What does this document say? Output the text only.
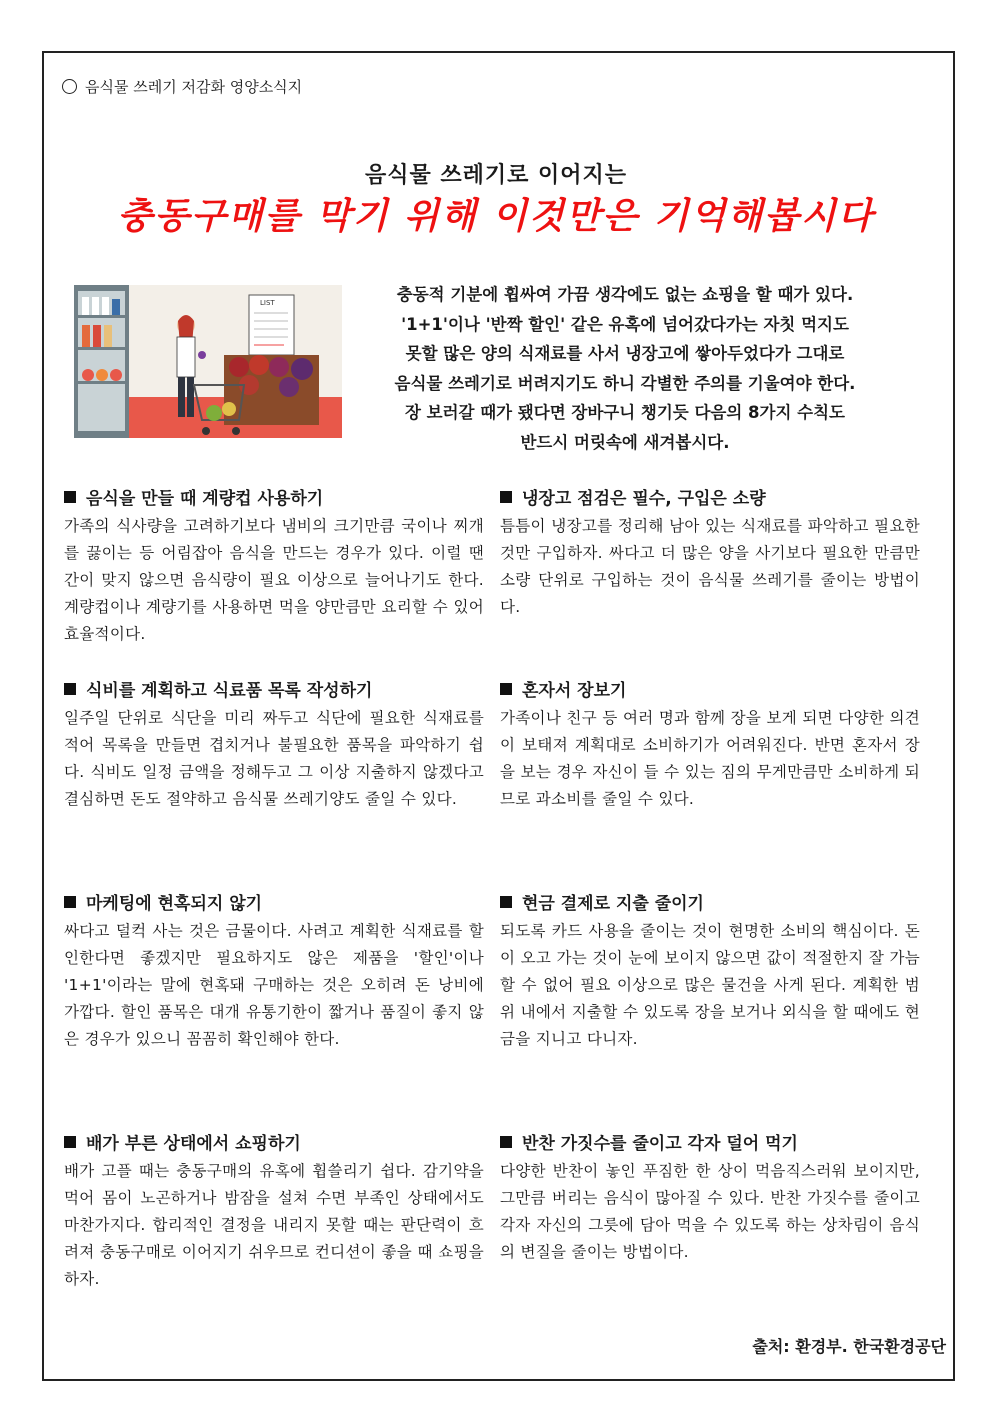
음식물 쓰레기 저감화 영양소식지
음식물 쓰레기로 이어지는
충동구매를 막기 위해 이것만은 기억해봅시다
LIST	충동적 기분에 휩싸여 가끔 생각에도 없는 쇼핑을 할 때가 있다.
'1+1'이나 '반짝 할인' 같은 유혹에 넘어갔다가는 자칫 먹지도
못할 많은 양의 식재료를 사서 냉장고에 쌓아두었다가 그대로
음식물 쓰레기로 버려지기도 하니 각별한 주의를 기울여야 한다.
장 보러갈 때가 됐다면 장바구니 챙기듯 다음의 8가지 수칙도
반드시 머릿속에 새겨봅시다.
음식을 만들 때 계량컵 사용하기

가족의 식사량을 고려하기보다 냄비의 크기만큼 국이나 찌개를 끓이는 등 어림잡아 음식을 만드는 경우가 있다. 이럴 땐 간이 맞지 않으면 음식량이 필요 이상으로 늘어나기도 한다. 계량컵이나 계량기를 사용하면 먹을 양만큼만 요리할 수 있어 효율적이다.

냉장고 점검은 필수, 구입은 소량

틈틈이 냉장고를 정리해 남아 있는 식재료를 파악하고 필요한 것만 구입하자. 싸다고 더 많은 양을 사기보다 필요한 만큼만 소량 단위로 구입하는 것이 음식물 쓰레기를 줄이는 방법이다.

식비를 계획하고 식료품 목록 작성하기

일주일 단위로 식단을 미리 짜두고 식단에 필요한 식재료를 적어 목록을 만들면 겹치거나 불필요한 품목을 파악하기 쉽다. 식비도 일정 금액을 정해두고 그 이상 지출하지 않겠다고 결심하면 돈도 절약하고 음식물 쓰레기양도 줄일 수 있다.

혼자서 장보기

가족이나 친구 등 여러 명과 함께 장을 보게 되면 다양한 의견이 보태져 계획대로 소비하기가 어려워진다. 반면 혼자서 장을 보는 경우 자신이 들 수 있는 짐의 무게만큼만 소비하게 되므로 과소비를 줄일 수 있다.

마케팅에 현혹되지 않기

싸다고 덜컥 사는 것은 금물이다. 사려고 계획한 식재료를 할인한다면 좋겠지만 필요하지도 않은 제품을 '할인'이나 '1+1'이라는 말에 현혹돼 구매하는 것은 오히려 돈 낭비에 가깝다. 할인 품목은 대개 유통기한이 짧거나 품질이 좋지 않은 경우가 있으니 꼼꼼히 확인해야 한다.

현금 결제로 지출 줄이기

되도록 카드 사용을 줄이는 것이 현명한 소비의 핵심이다. 돈이 오고 가는 것이 눈에 보이지 않으면 값이 적절한지 잘 가늠할 수 없어 필요 이상으로 많은 물건을 사게 된다. 계획한 범위 내에서 지출할 수 있도록 장을 보거나 외식을 할 때에도 현금을 지니고 다니자.

배가 부른 상태에서 쇼핑하기

배가 고플 때는 충동구매의 유혹에 휩쓸리기 쉽다. 감기약을 먹어 몸이 노곤하거나 밤잠을 설쳐 수면 부족인 상태에서도 마찬가지다. 합리적인 결정을 내리지 못할 때는 판단력이 흐려져 충동구매로 이어지기 쉬우므로 컨디션이 좋을 때 쇼핑을 하자.

반찬 가짓수를 줄이고 각자 덜어 먹기

다양한 반찬이 놓인 푸짐한 한 상이 먹음직스러워 보이지만, 그만큼 버리는 음식이 많아질 수 있다. 반찬 가짓수를 줄이고 각자 자신의 그릇에 담아 먹을 수 있도록 하는 상차림이 음식의 변질을 줄이는 방법이다.

출처: 환경부. 한국환경공단
